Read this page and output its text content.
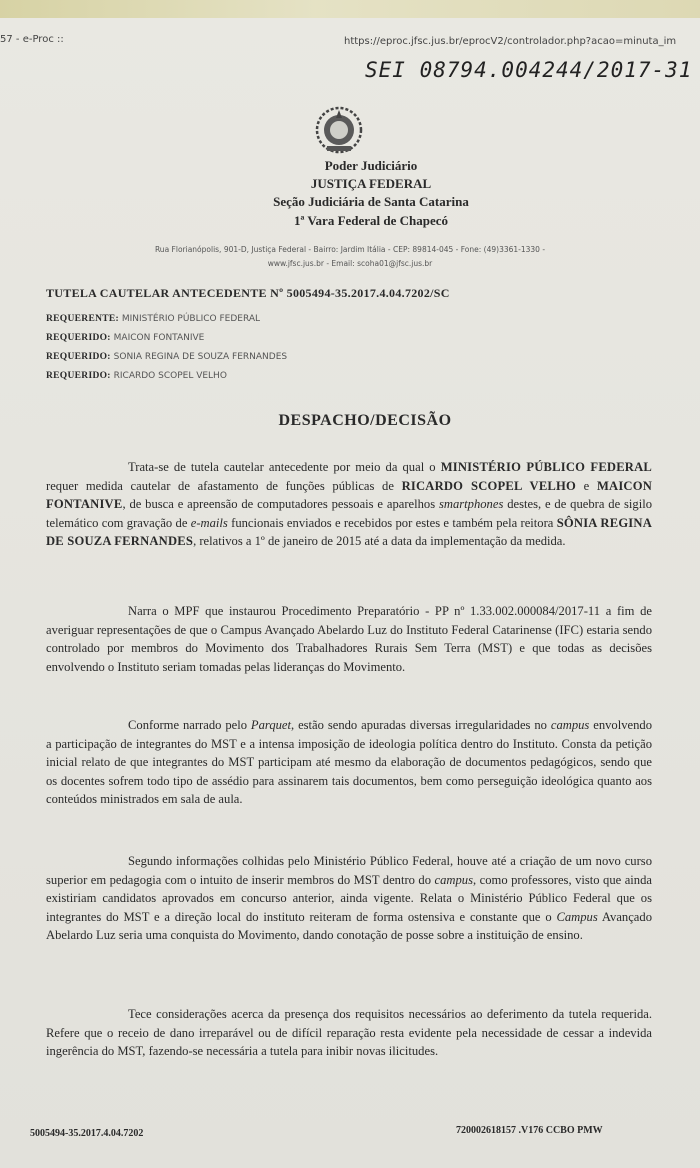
57 - e-Proc ::	https://eproc.jfsc.jus.br/eprocV2/controlador.php?acao=minuta_im
SEI 08794.004244/2017-31
Poder Judiciário
JUSTIÇA FEDERAL
Seção Judiciária de Santa Catarina
1ª Vara Federal de Chapecó
Rua Florianópolis, 901-D, Justiça Federal - Bairro: Jardim Itália - CEP: 89814-045 - Fone: (49)3361-1330 -
www.jfsc.jus.br - Email: scoha01@jfsc.jus.br
TUTELA CAUTELAR ANTECEDENTE Nº 5005494-35.2017.4.04.7202/SC
REQUERENTE: MINISTÉRIO PÚBLICO FEDERAL
REQUERIDO: MAICON FONTANIVE
REQUERIDO: SONIA REGINA DE SOUZA FERNANDES
REQUERIDO: RICARDO SCOPEL VELHO
DESPACHO/DECISÃO

Trata-se de tutela cautelar antecedente por meio da qual o MINISTÉRIO PÚBLICO FEDERAL requer medida cautelar de afastamento de funções públicas de RICARDO SCOPEL VELHO e MAICON FONTANIVE, de busca e apreensão de computadores pessoais e aparelhos smartphones destes, e de quebra de sigilo telemático com gravação de e-mails funcionais enviados e recebidos por estes e também pela reitora SÔNIA REGINA DE SOUZA FERNANDES, relativos a 1º de janeiro de 2015 até a data da implementação da medida.

Narra o MPF que instaurou Procedimento Preparatório - PP nº 1.33.002.000084/2017-11 a fim de averiguar representações de que o Campus Avançado Abelardo Luz do Instituto Federal Catarinense (IFC) estaria sendo controlado por membros do Movimento dos Trabalhadores Rurais Sem Terra (MST) e que todas as decisões envolvendo o Instituto seriam tomadas pelas lideranças do Movimento.

Conforme narrado pelo Parquet, estão sendo apuradas diversas irregularidades no campus envolvendo a participação de integrantes do MST e a intensa imposição de ideologia política dentro do Instituto. Consta da petição inicial relato de que integrantes do MST participam até mesmo da elaboração de documentos pedagógicos, sendo que os docentes sofrem todo tipo de assédio para assinarem tais documentos, bem como perseguição ideológica quanto aos conteúdos ministrados em sala de aula.

Segundo informações colhidas pelo Ministério Público Federal, houve até a criação de um novo curso superior em pedagogia com o intuito de inserir membros do MST dentro do campus, como professores, visto que ainda existiriam candidatos aprovados em concurso anterior, ainda vigente. Relata o Ministério Público Federal que os integrantes do MST e a direção local do instituto reiteram de forma ostensiva e constante que o Campus Avançado Abelardo Luz seria uma conquista do Movimento, dando conotação de posse sobre a instituição de ensino.

Tece considerações acerca da presença dos requisitos necessários ao deferimento da tutela requerida. Refere que o receio de dano irreparável ou de difícil reparação resta evidente pela necessidade de cessar a indevida ingerência do MST, fazendo-se necessária a tutela para inibir novas ilicitudes.

5005494-35.2017.4.04.7202	720002618157 .V176 CCBO PMW
